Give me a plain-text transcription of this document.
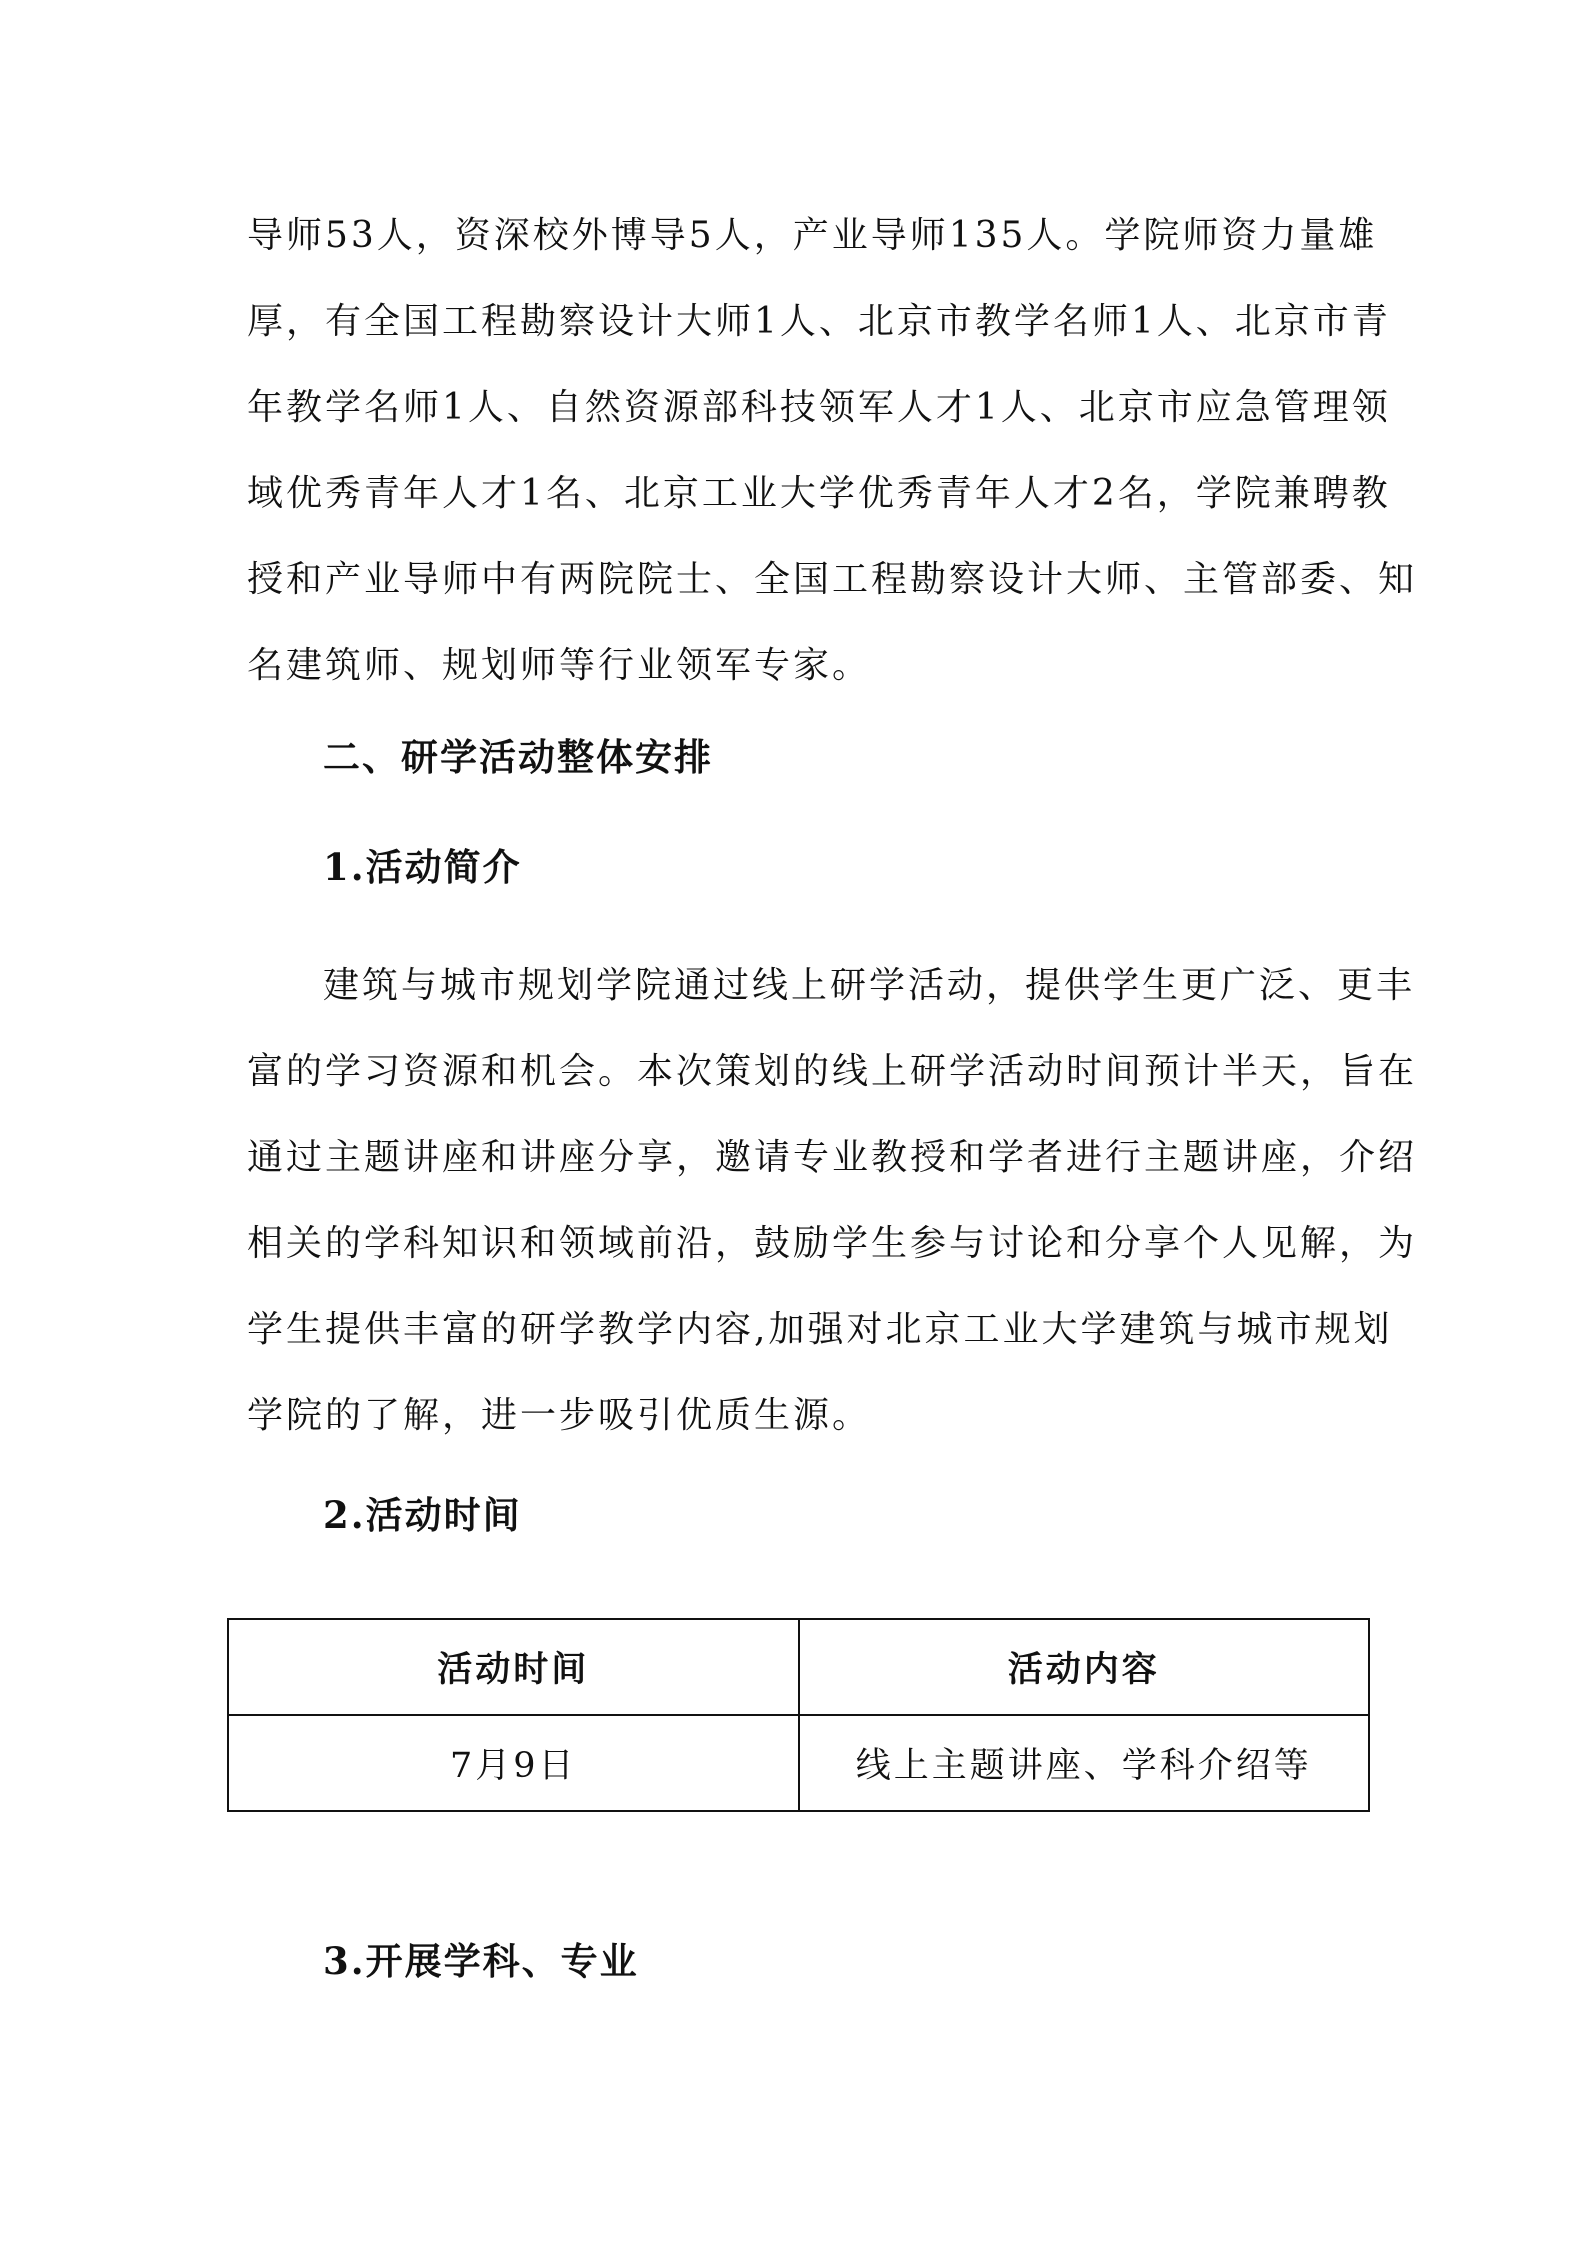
导师53人，资深校外博导5人，产业导师135人。学院师资力量雄
厚，有全国工程勘察设计大师1人、北京市教学名师1人、北京市青
年教学名师1人、自然资源部科技领军人才1人、北京市应急管理领
域优秀青年人才1名、北京工业大学优秀青年人才2名，学院兼聘教
授和产业导师中有两院院士、全国工程勘察设计大师、主管部委、知
名建筑师、规划师等行业领军专家。
二、研学活动整体安排
1.活动简介
建筑与城市规划学院通过线上研学活动，提供学生更广泛、更丰
富的学习资源和机会。本次策划的线上研学活动时间预计半天，旨在
通过主题讲座和讲座分享，邀请专业教授和学者进行主题讲座，介绍
相关的学科知识和领域前沿，鼓励学生参与讨论和分享个人见解，为
学生提供丰富的研学教学内容,加强对北京工业大学建筑与城市规划
学院的了解，进一步吸引优质生源。
2.活动时间
活动时间	活动内容
7月9日	线上主题讲座、学科介绍等
3.开展学科、专业
